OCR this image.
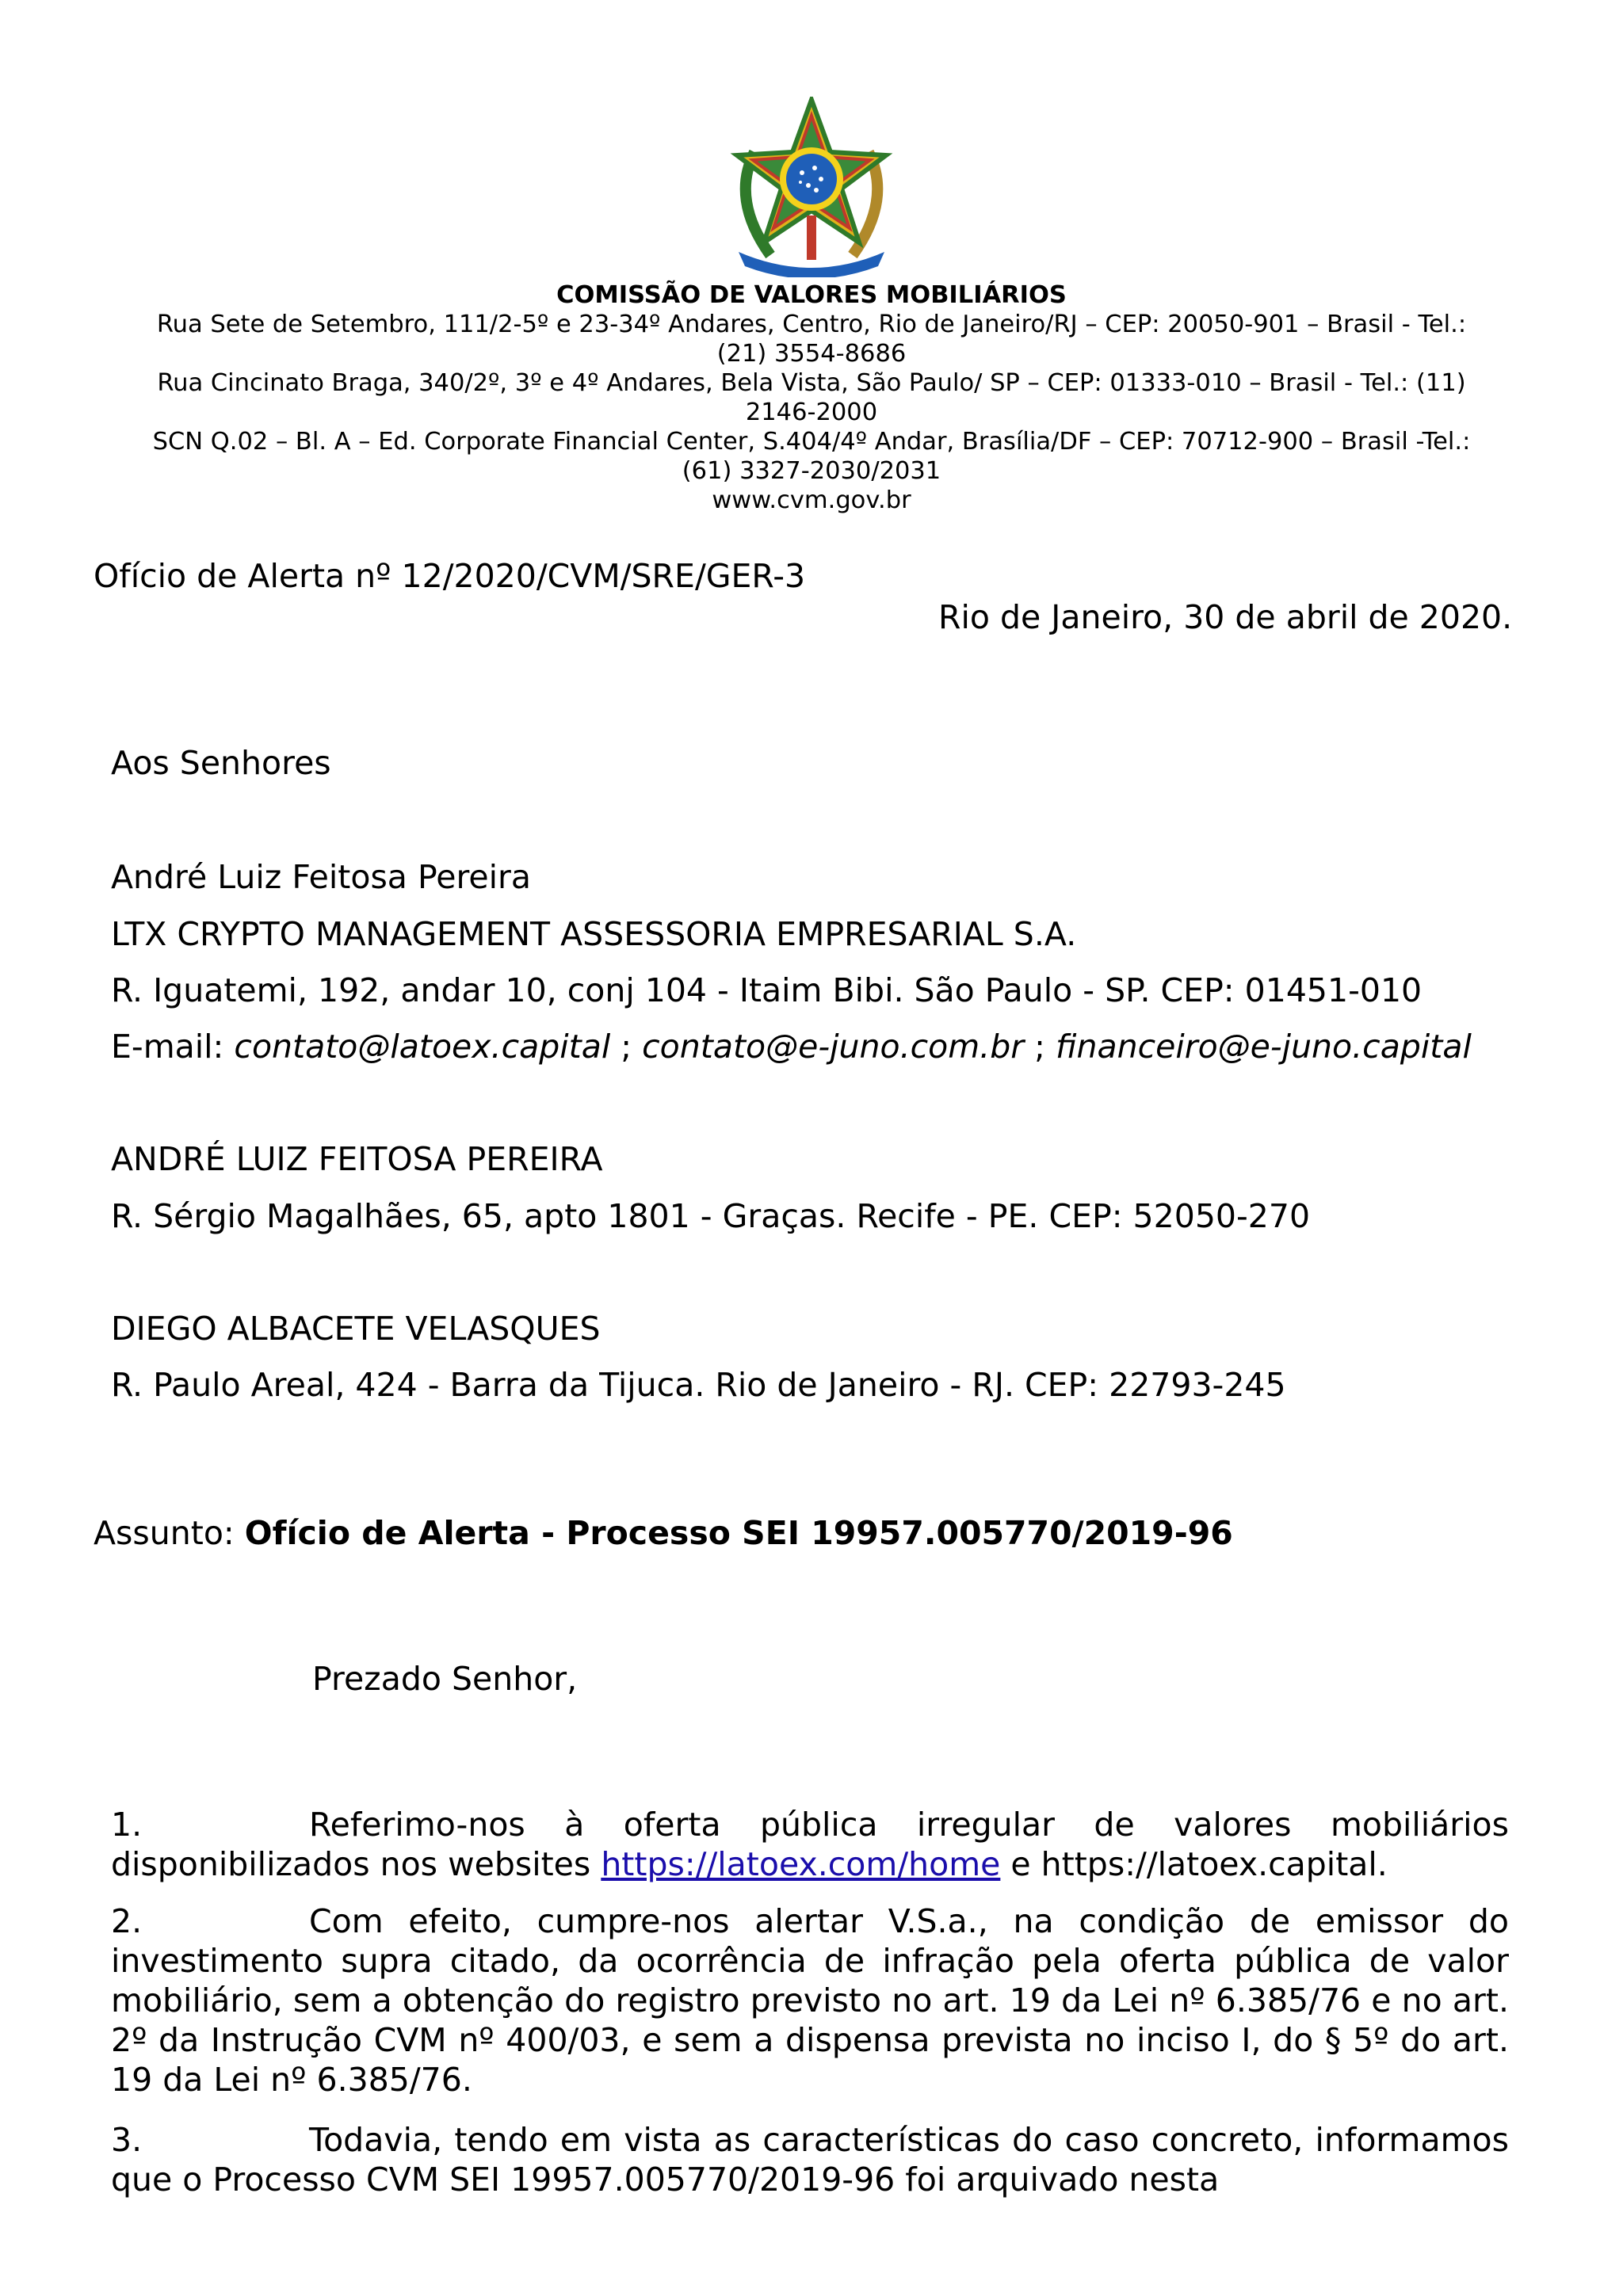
COMISSÃO DE VALORES MOBILIÁRIOS
Rua Sete de Setembro, 111/2-5º e 23-34º Andares, Centro, Rio de Janeiro/RJ – CEP: 20050-901 – Brasil - Tel.:
(21) 3554-8686
Rua Cincinato Braga, 340/2º, 3º e 4º Andares, Bela Vista, São Paulo/ SP – CEP: 01333-010 – Brasil - Tel.: (11)
2146-2000
SCN Q.02 – Bl. A – Ed. Corporate Financial Center, S.404/4º Andar, Brasília/DF – CEP: 70712-900 – Brasil -Tel.:
(61) 3327-2030/2031
www.cvm.gov.br
Ofício de Alerta nº 12/2020/CVM/SRE/GER-3
Rio de Janeiro, 30 de abril de 2020.
Aos Senhores
André Luiz Feitosa Pereira
LTX CRYPTO MANAGEMENT ASSESSORIA EMPRESARIAL S.A.
R. Iguatemi, 192, andar 10, conj 104 - Itaim Bibi. São Paulo - SP. CEP: 01451-010
E-mail: contato@latoex.capital ; contato@e-juno.com.br ; financeiro@e-juno.capital
ANDRÉ LUIZ FEITOSA PEREIRA
R. Sérgio Magalhães, 65, apto 1801 - Graças. Recife - PE. CEP: 52050-270
DIEGO ALBACETE VELASQUES
R. Paulo Areal, 424 - Barra da Tijuca. Rio de Janeiro - RJ. CEP: 22793-245
Assunto: Ofício de Alerta - Processo SEI 19957.005770/2019-96
Prezado Senhor,
1.	Referimo-nos à oferta pública irregular de valores mobiliários disponibilizados nos websites https://latoex.com/home e https://latoex.capital.
2.	Com efeito, cumpre-nos alertar V.S.a., na condição de emissor do investimento supra citado, da ocorrência de infração pela oferta pública de valor mobiliário, sem a obtenção do registro previsto no art. 19 da Lei nº 6.385/76 e no art. 2º da Instrução CVM nº 400/03, e sem a dispensa prevista no inciso I, do § 5º do art. 19 da Lei nº 6.385/76.
3.	Todavia, tendo em vista as características do caso concreto, informamos que o Processo CVM SEI 19957.005770/2019-96 foi arquivado nesta
